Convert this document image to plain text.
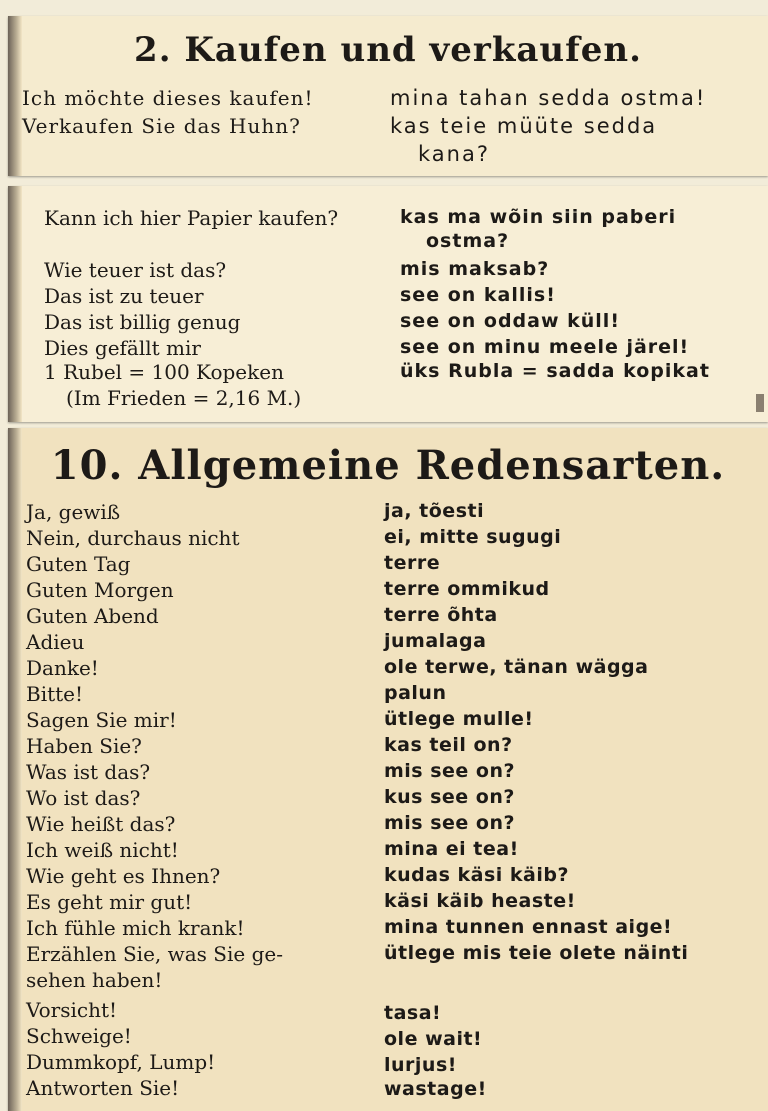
2. Kaufen und verkaufen.
Ich möchte dieses kaufen!	mina tahan sedda ostma!
Verkaufen Sie das Huhn?	kas teie müüte sedda
kana?
Kann ich hier Papier kaufen?	kas ma wõin siin paberi
ostma?
Wie teuer ist das?	mis maksab?
Das ist zu teuer	see on kallis!
Das ist billig genug	see on oddaw küll!
Dies gefällt mir	see on minu meele järel!
1 Rubel = 100 Kopeken	üks Rubla = sadda kopikat
(Im Frieden = 2,16 M.)
10. Allgemeine Redensarten.
Ja, gewiß	ja, tõesti
Nein, durchaus nicht	ei, mitte sugugi
Guten Tag	terre
Guten Morgen	terre ommikud
Guten Abend	terre õhta
Adieu	jumalaga
Danke!	ole terwe, tänan wägga
Bitte!	palun
Sagen Sie mir!	ütlege mulle!
Haben Sie?	kas teil on?
Was ist das?	mis see on?
Wo ist das?	kus see on?
Wie heißt das?	mis see on?
Ich weiß nicht!	mina ei tea!
Wie geht es Ihnen?	kudas käsi käib?
Es geht mir gut!	käsi käib heaste!
Ich fühle mich krank!	mina tunnen ennast aige!
Erzählen Sie, was Sie ge-	ütlege mis teie olete näinti
sehen haben!
Vorsicht!	tasa!
Schweige!	ole wait!
Dummkopf, Lump!	lurjus!
Antworten Sie!	wastage!
